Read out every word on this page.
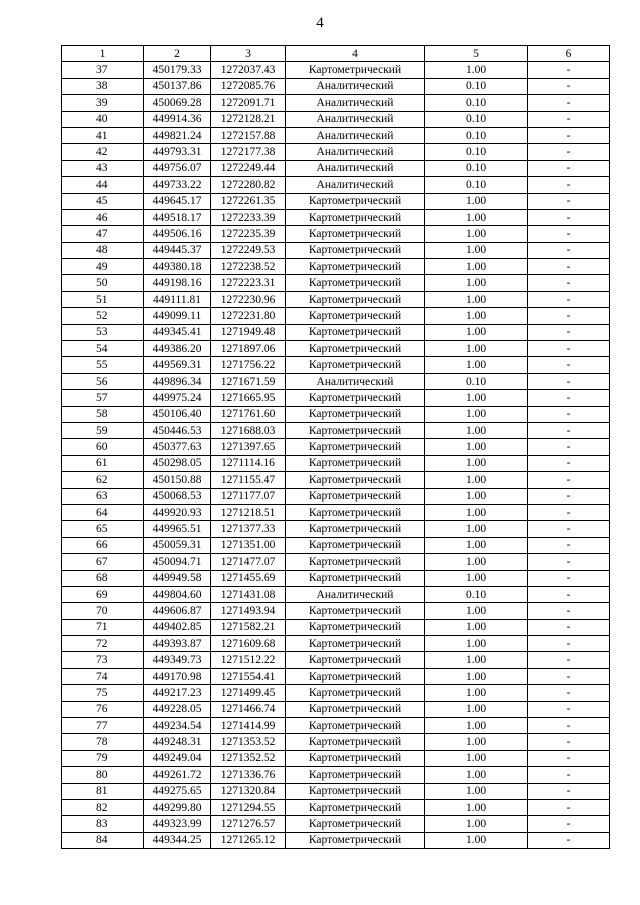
4
1	2	3	4	5	6
37	450179.33	1272037.43	Картометрический	1.00	-
38	450137.86	1272085.76	Аналитический	0.10	-
39	450069.28	1272091.71	Аналитический	0.10	-
40	449914.36	1272128.21	Аналитический	0.10	-
41	449821.24	1272157.88	Аналитический	0.10	-
42	449793.31	1272177.38	Аналитический	0.10	-
43	449756.07	1272249.44	Аналитический	0.10	-
44	449733.22	1272280.82	Аналитический	0.10	-
45	449645.17	1272261.35	Картометрический	1.00	-
46	449518.17	1272233.39	Картометрический	1.00	-
47	449506.16	1272235.39	Картометрический	1.00	-
48	449445.37	1272249.53	Картометрический	1.00	-
49	449380.18	1272238.52	Картометрический	1.00	-
50	449198.16	1272223.31	Картометрический	1.00	-
51	449111.81	1272230.96	Картометрический	1.00	-
52	449099.11	1272231.80	Картометрический	1.00	-
53	449345.41	1271949.48	Картометрический	1.00	-
54	449386.20	1271897.06	Картометрический	1.00	-
55	449569.31	1271756.22	Картометрический	1.00	-
56	449896.34	1271671.59	Аналитический	0.10	-
57	449975.24	1271665.95	Картометрический	1.00	-
58	450106.40	1271761.60	Картометрический	1.00	-
59	450446.53	1271688.03	Картометрический	1.00	-
60	450377.63	1271397.65	Картометрический	1.00	-
61	450298.05	1271114.16	Картометрический	1.00	-
62	450150.88	1271155.47	Картометрический	1.00	-
63	450068.53	1271177.07	Картометрический	1.00	-
64	449920.93	1271218.51	Картометрический	1.00	-
65	449965.51	1271377.33	Картометрический	1.00	-
66	450059.31	1271351.00	Картометрический	1.00	-
67	450094.71	1271477.07	Картометрический	1.00	-
68	449949.58	1271455.69	Картометрический	1.00	-
69	449804.60	1271431.08	Аналитический	0.10	-
70	449606.87	1271493.94	Картометрический	1.00	-
71	449402.85	1271582.21	Картометрический	1.00	-
72	449393.87	1271609.68	Картометрический	1.00	-
73	449349.73	1271512.22	Картометрический	1.00	-
74	449170.98	1271554.41	Картометрический	1.00	-
75	449217.23	1271499.45	Картометрический	1.00	-
76	449228.05	1271466.74	Картометрический	1.00	-
77	449234.54	1271414.99	Картометрический	1.00	-
78	449248.31	1271353.52	Картометрический	1.00	-
79	449249.04	1271352.52	Картометрический	1.00	-
80	449261.72	1271336.76	Картометрический	1.00	-
81	449275.65	1271320.84	Картометрический	1.00	-
82	449299.80	1271294.55	Картометрический	1.00	-
83	449323.99	1271276.57	Картометрический	1.00	-
84	449344.25	1271265.12	Картометрический	1.00	-
